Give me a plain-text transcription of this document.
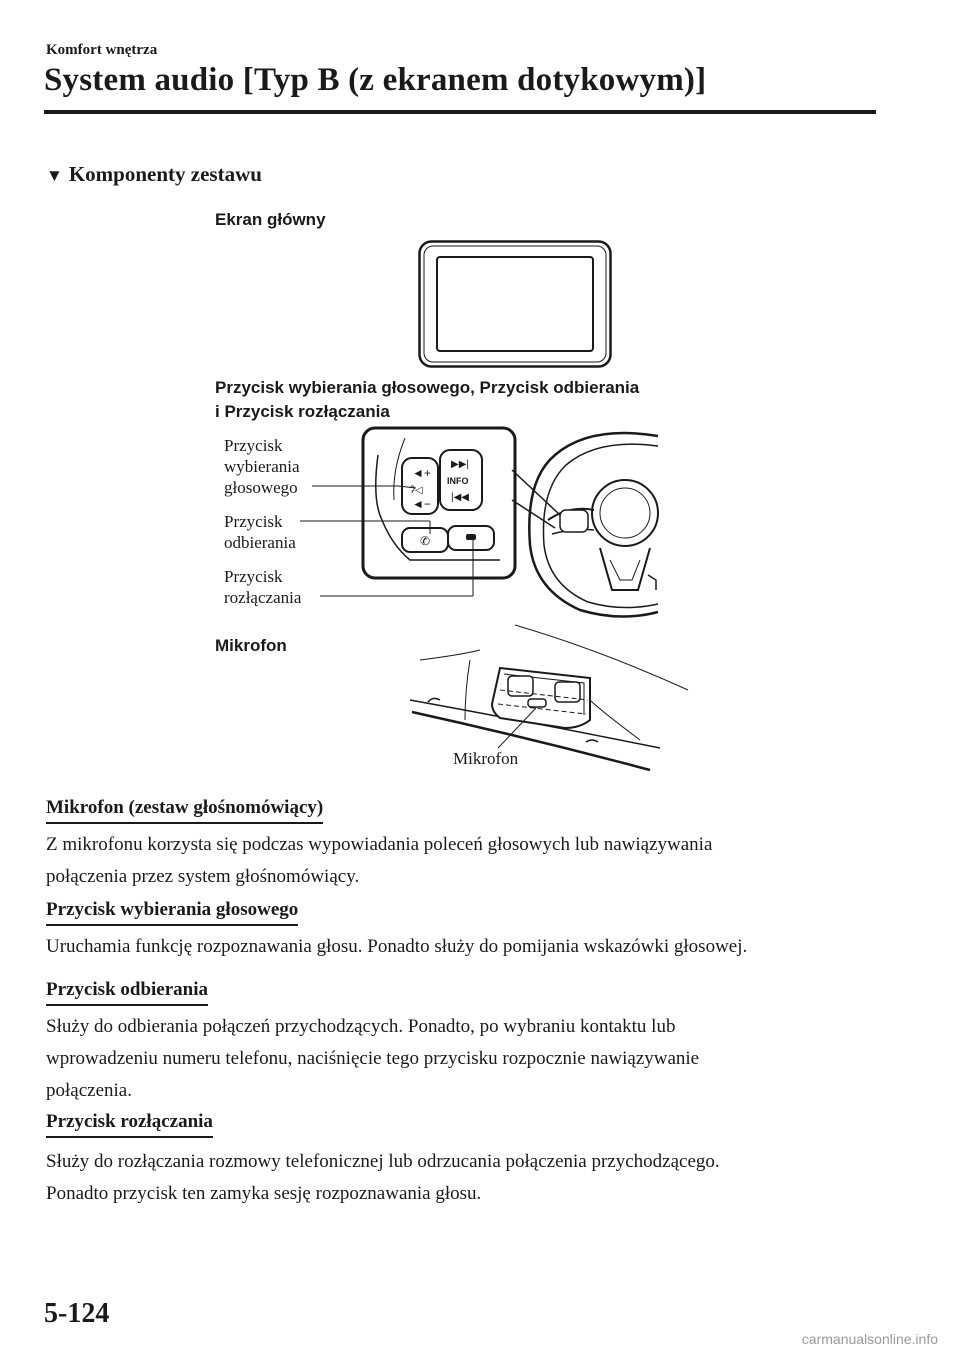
Komfort wnętrza
System audio [Typ B (z ekranem dotykowym)]
▼ Komponenty zestawu
Ekran główny
Przycisk wybierania głosowego, Przycisk odbierania
i Przycisk rozłączania
Przycisk
wybierania
głosowego
Przycisk
odbierania
Przycisk
rozłączania
◄+
ʔ◁
◄−
▶▶|
INFO
|◀◀
✆
Mikrofon
Mikrofon
Mikrofon (zestaw głośnomówiący)
Z mikrofonu korzysta się podczas wypowiadania poleceń głosowych lub nawiązywania
połączenia przez system głośnomówiący.
Przycisk wybierania głosowego
Uruchamia funkcję rozpoznawania głosu. Ponadto służy do pomijania wskazówki głosowej.
Przycisk odbierania
Służy do odbierania połączeń przychodzących. Ponadto, po wybraniu kontaktu lub
wprowadzeniu numeru telefonu, naciśnięcie tego przycisku rozpocznie nawiązywanie
połączenia.
Przycisk rozłączania
Służy do rozłączania rozmowy telefonicznej lub odrzucania połączenia przychodzącego.
Ponadto przycisk ten zamyka sesję rozpoznawania głosu.
5-124
carmanualsonline.info
